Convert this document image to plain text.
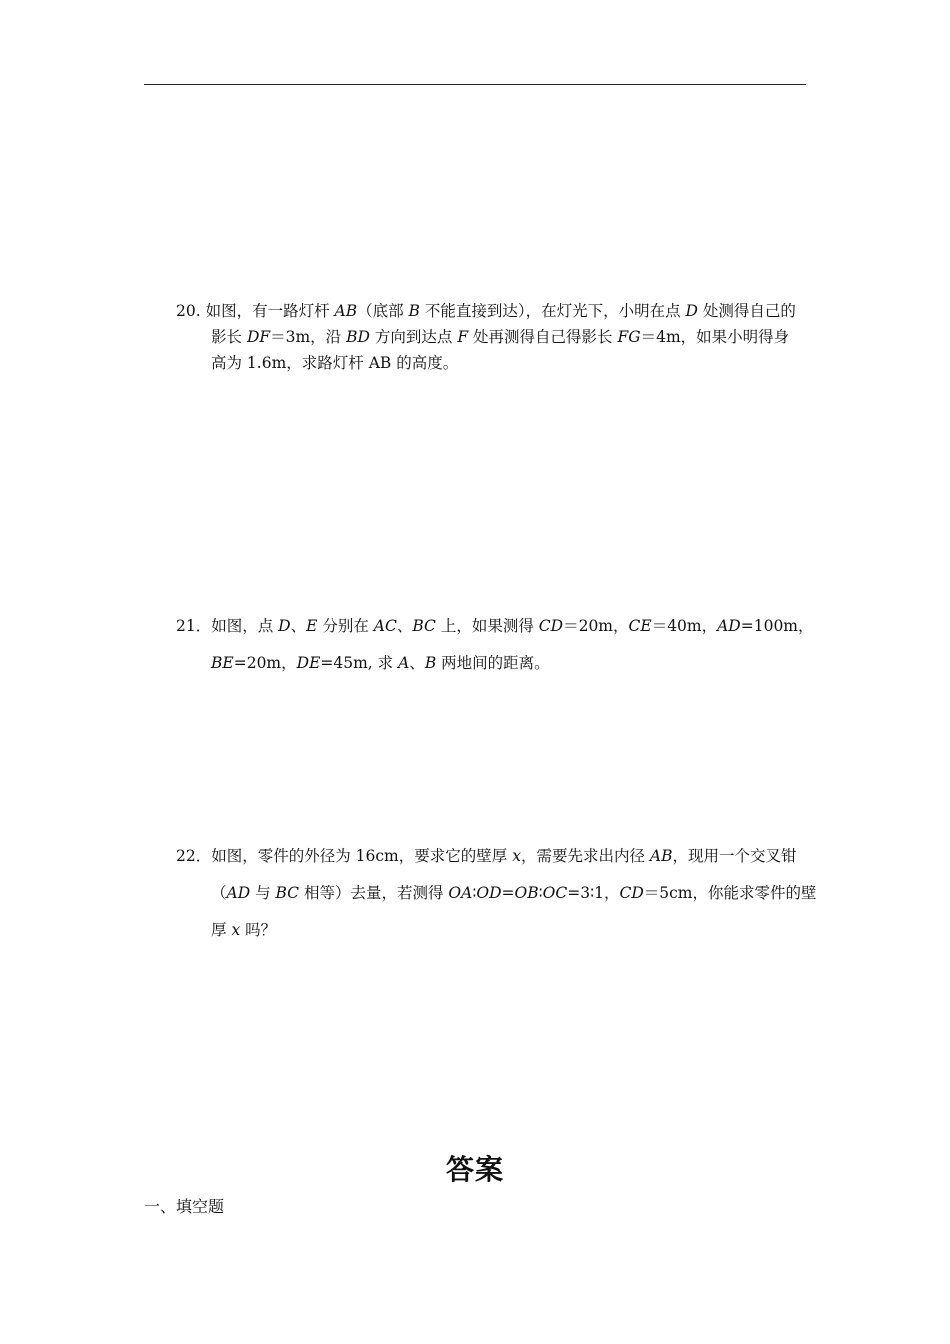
20. 如图，有一路灯杆 AB（底部 B 不能直接到达），在灯光下，小明在点 D 处测得自己的
影长 DF＝3m，沿 BD 方向到达点 F 处再测得自己得影长 FG＝4m，如果小明得身
高为 1.6m，求路灯杆 AB 的高度。
21．如图，点 D、E 分别在 AC、BC 上，如果测得 CD＝20m，CE＝40m，AD=100m，
BE=20m，DE=45m, 求 A、B 两地间的距离。
22．如图，零件的外径为 16cm，要求它的壁厚 x，需要先求出内径 AB，现用一个交叉钳
（AD 与 BC 相等）去量，若测得 OA∶OD=OB∶OC=3∶1，CD＝5cm，你能求零件的壁
厚 x 吗？
答案
一、填空题
